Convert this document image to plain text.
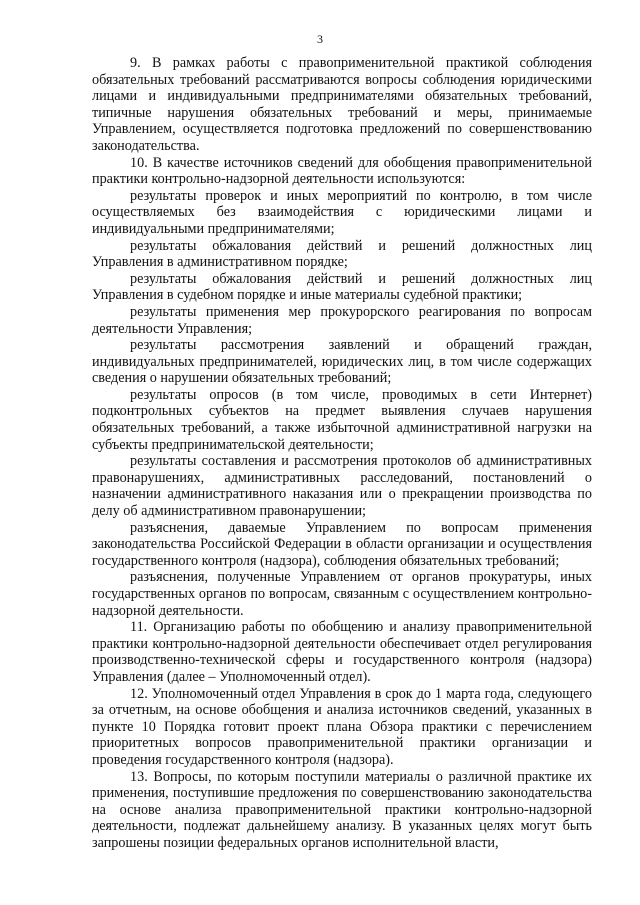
3

9. В рамках работы с правоприменительной практикой соблюдения обязательных требований рассматриваются вопросы соблюдения юридическими лицами и индивидуальными предпринимателями обязательных требований, типичные нарушения обязательных требований и меры, принимаемые Управлением, осуществляется подготовка предложений по совершенствованию законодательства.

10. В качестве источников сведений для обобщения правоприменительной практики контрольно-надзорной деятельности используются:

результаты проверок и иных мероприятий по контролю, в том числе осуществляемых без взаимодействия с юридическими лицами и индивидуальными предпринимателями;

результаты обжалования действий и решений должностных лиц Управления в административном порядке;

результаты обжалования действий и решений должностных лиц Управления в судебном порядке и иные материалы судебной практики;

результаты применения мер прокурорского реагирования по вопросам деятельности Управления;

результаты рассмотрения заявлений и обращений граждан, индивидуальных предпринимателей, юридических лиц, в том числе содержащих сведения о нарушении обязательных требований;

результаты опросов (в том числе, проводимых в сети Интернет) подконтрольных субъектов на предмет выявления случаев нарушения обязательных требований, а также избыточной административной нагрузки на субъекты предпринимательской деятельности;

результаты составления и рассмотрения протоколов об административных правонарушениях, административных расследований, постановлений о назначении административного наказания или о прекращении производства по делу об административном правонарушении;

разъяснения, даваемые Управлением по вопросам применения законодательства Российской Федерации в области организации и осуществления государственного контроля (надзора), соблюдения обязательных требований;

разъяснения, полученные Управлением от органов прокуратуры, иных государственных органов по вопросам, связанным с осуществлением контрольно-надзорной деятельности.

11. Организацию работы по обобщению и анализу правоприменительной практики контрольно-надзорной деятельности обеспечивает отдел регулирования производственно-технической сферы и государственного контроля (надзора) Управления (далее – Уполномоченный отдел).

12. Уполномоченный отдел Управления в срок до 1 марта года, следующего за отчетным, на основе обобщения и анализа источников сведений, указанных в пункте 10 Порядка готовит проект плана Обзора практики с перечислением приоритетных вопросов правоприменительной практики организации и проведения государственного контроля (надзора).

13. Вопросы, по которым поступили материалы о различной практике их применения, поступившие предложения по совершенствованию законодательства на основе анализа правоприменительной практики контрольно-надзорной деятельности, подлежат дальнейшему анализу. В указанных целях могут быть запрошены позиции федеральных органов исполнительной власти,
